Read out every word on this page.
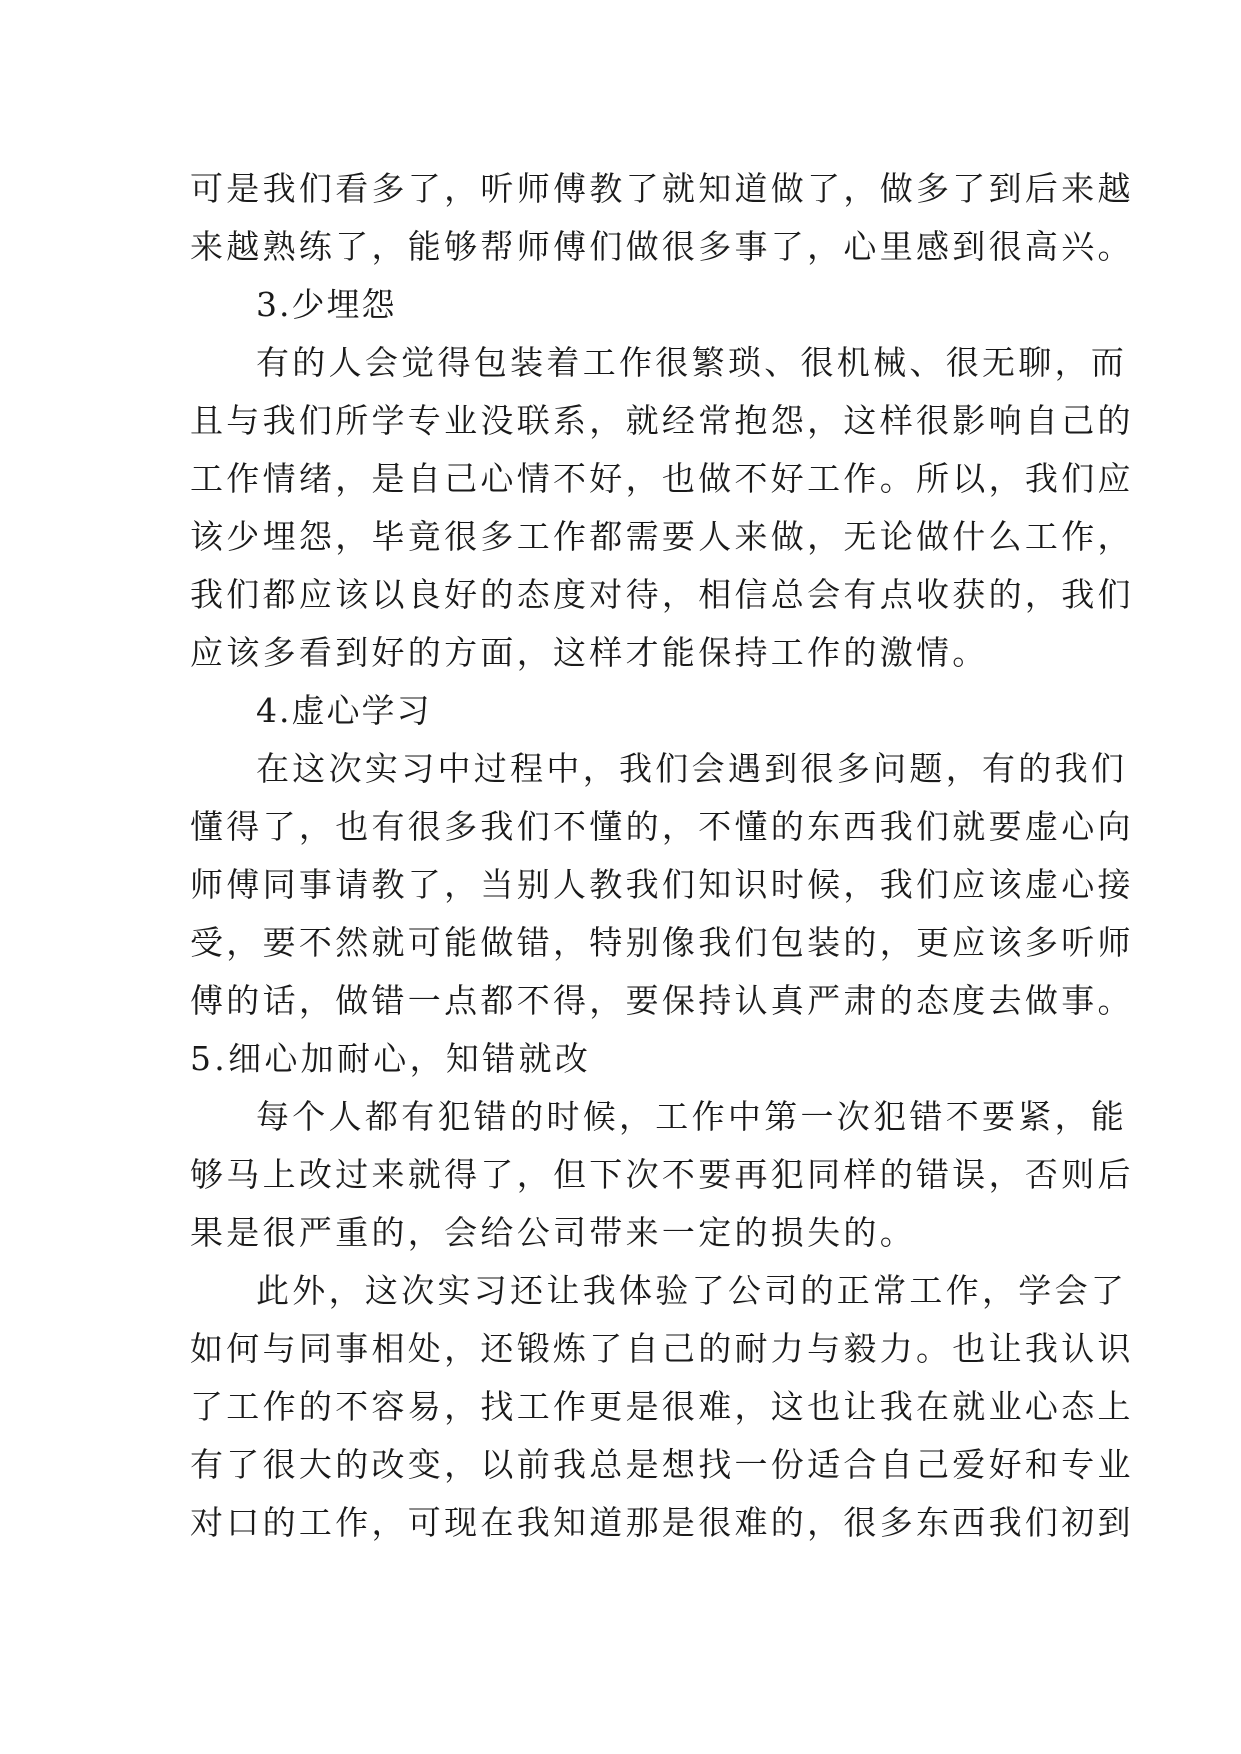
可是我们看多了，听师傅教了就知道做了，做多了到后来越
来越熟练了，能够帮师傅们做很多事了，心里感到很高兴。
3.少埋怨
有的人会觉得包装着工作很繁琐、很机械、很无聊，而
且与我们所学专业没联系，就经常抱怨，这样很影响自己的
工作情绪，是自己心情不好，也做不好工作。所以，我们应
该少埋怨，毕竟很多工作都需要人来做，无论做什么工作，
我们都应该以良好的态度对待，相信总会有点收获的，我们
应该多看到好的方面，这样才能保持工作的激情。
4.虚心学习
在这次实习中过程中，我们会遇到很多问题，有的我们
懂得了，也有很多我们不懂的，不懂的东西我们就要虚心向
师傅同事请教了，当别人教我们知识时候，我们应该虚心接
受，要不然就可能做错，特别像我们包装的，更应该多听师
傅的话，做错一点都不得，要保持认真严肃的态度去做事。
5.细心加耐心，知错就改
每个人都有犯错的时候，工作中第一次犯错不要紧，能
够马上改过来就得了，但下次不要再犯同样的错误，否则后
果是很严重的，会给公司带来一定的损失的。
此外，这次实习还让我体验了公司的正常工作，学会了
如何与同事相处，还锻炼了自己的耐力与毅力。也让我认识
了工作的不容易，找工作更是很难，这也让我在就业心态上
有了很大的改变，以前我总是想找一份适合自己爱好和专业
对口的工作，可现在我知道那是很难的，很多东西我们初到
